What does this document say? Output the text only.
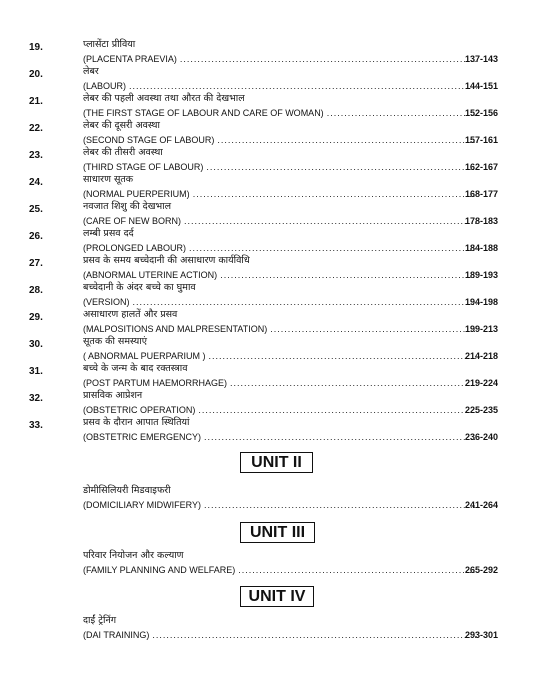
19.	प्लासेंटा प्रीविया
(PLACENTA PRAEVIA) .....	137-143
20.	लेबर
(LABOUR) .....	144-151
21.	लेबर की पहली अवस्था तथा औरत की देखभाल
(THE FIRST STAGE OF LABOUR AND CARE OF WOMAN) .....	152-156
22.	लेबर की दूसरी अवस्था
(SECOND STAGE OF LABOUR) .....	157-161
23.	लेबर की तीसरी अवस्था
(THIRD STAGE OF LABOUR) .....	162-167
24.	साधारण सूतक
(NORMAL PUERPERIUM) .....	168-177
25.	नवजात शिशु की देखभाल
(CARE OF NEW BORN) .....	178-183
26.	लम्बी प्रसव दर्द
(PROLONGED LABOUR) .....	184-188
27.	प्रसव के समय बच्चेदानी की असाधारण कार्यविधि
(ABNORMAL UTERINE ACTION) .....	189-193
28.	बच्चेदानी के अंदर बच्चे का घुमाव
(VERSION) .....	194-198
29.	असाधारण हालतें और प्रसव
(MALPOSITIONS AND MALPRESENTATION) .....	199-213
30.	सूतक की समस्याएं
( ABNORMAL PUERPARIUM ) .....	214-218
31.	बच्चे के जन्म के बाद रक्तस्त्राव
(POST PARTUM HAEMORRHAGE) .....	219-224
32.	प्रासविक आप्रेशन
(OBSTETRIC OPERATION) .....	225-235
33.	प्रसव के दौरान आपात स्थितियां
(OBSTETRIC EMERGENCY) .....	236-240
UNIT II
डोमीसिलियरी मिडवाइफरी
(DOMICILIARY MIDWIFERY) .....	241-264
UNIT III
परिवार नियोजन और कल्याण
(FAMILY PLANNING AND WELFARE) .....	265-292
UNIT IV
दाईं ट्रेनिंग
(DAI TRAINING) .....	293-301
